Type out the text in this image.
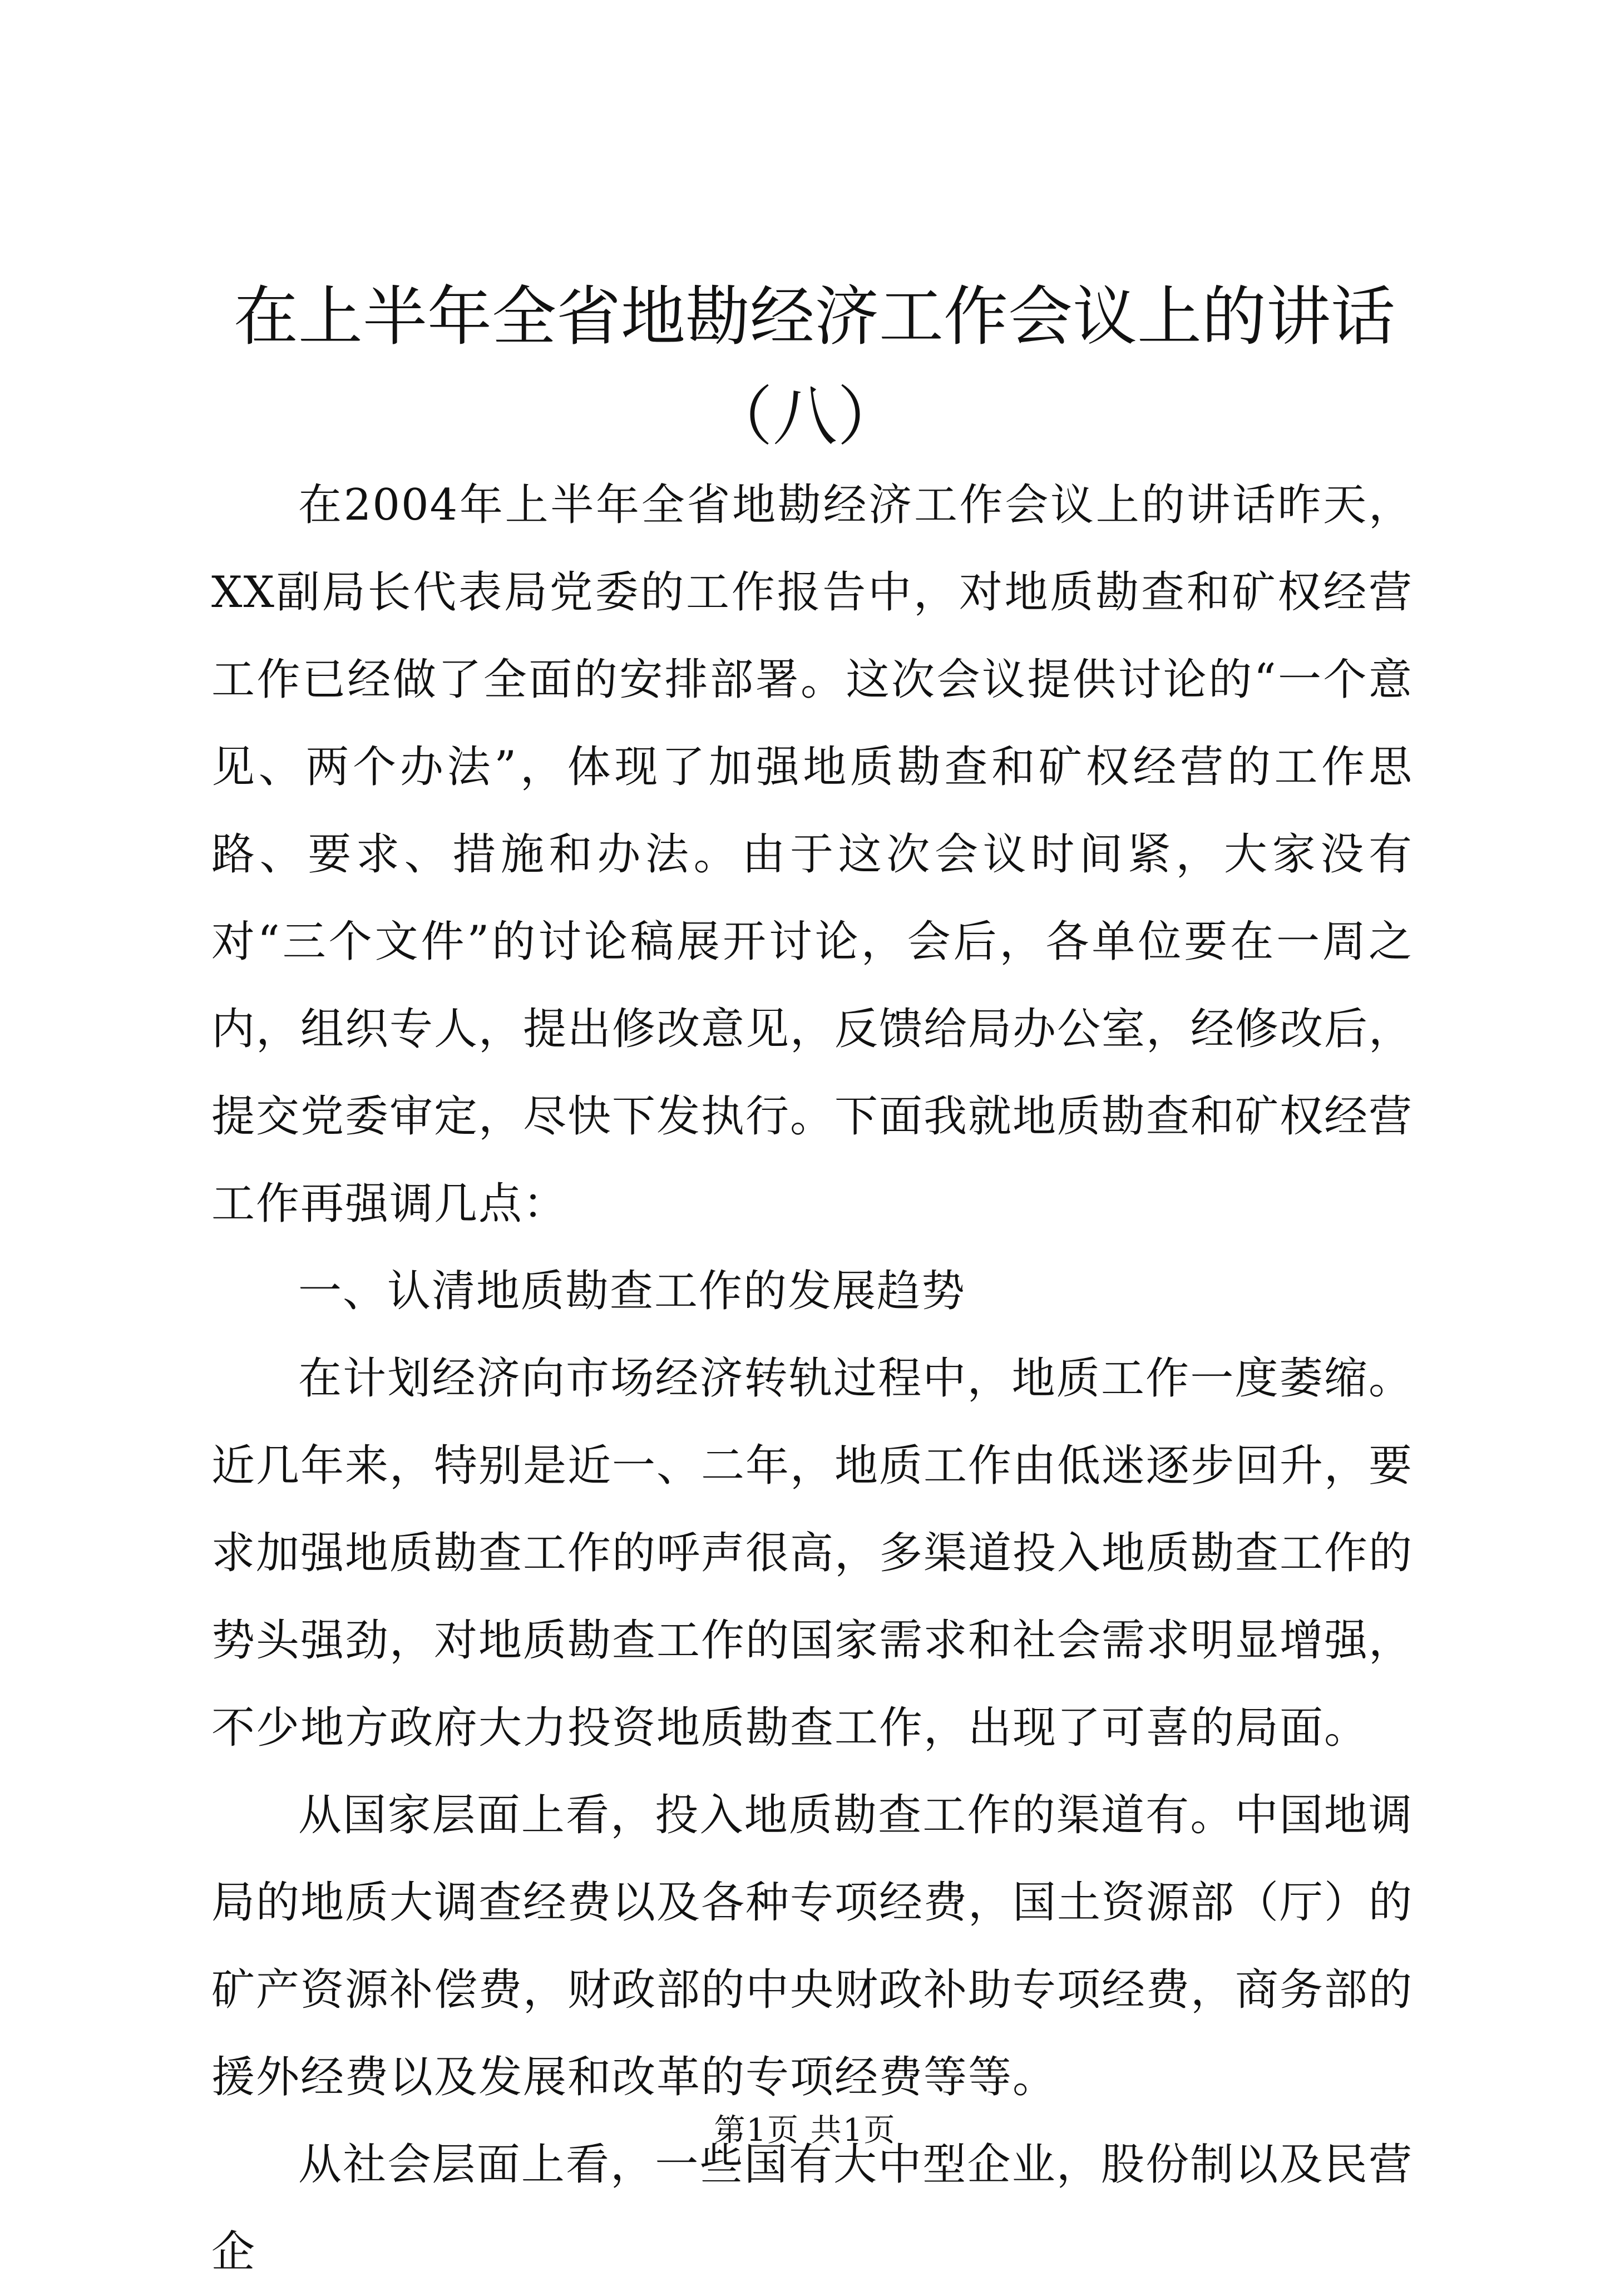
在上半年全省地勘经济工作会议上的讲话
（八）

在2004年上半年全省地勘经济工作会议上的讲话昨天，XX副局长代表局党委的工作报告中，对地质勘查和矿权经营工作已经做了全面的安排部署。这次会议提供讨论的“一个意见、两个办法”，体现了加强地质勘查和矿权经营的工作思路、要求、措施和办法。由于这次会议时间紧，大家没有对“三个文件”的讨论稿展开讨论，会后，各单位要在一周之内，组织专人，提出修改意见，反馈给局办公室，经修改后，提交党委审定，尽快下发执行。下面我就地质勘查和矿权经营工作再强调几点：

一、认清地质勘查工作的发展趋势

在计划经济向市场经济转轨过程中，地质工作一度萎缩。近几年来，特别是近一、二年，地质工作由低迷逐步回升，要求加强地质勘查工作的呼声很高，多渠道投入地质勘查工作的势头强劲，对地质勘查工作的国家需求和社会需求明显增强，不少地方政府大力投资地质勘查工作，出现了可喜的局面。

从国家层面上看，投入地质勘查工作的渠道有。中国地调局的地质大调查经费以及各种专项经费，国土资源部（厅）的矿产资源补偿费，财政部的中央财政补助专项经费，商务部的援外经费以及发展和改革的专项经费等等。

从社会层面上看，一些国有大中型企业，股份制以及民营企

第1页 共1页
